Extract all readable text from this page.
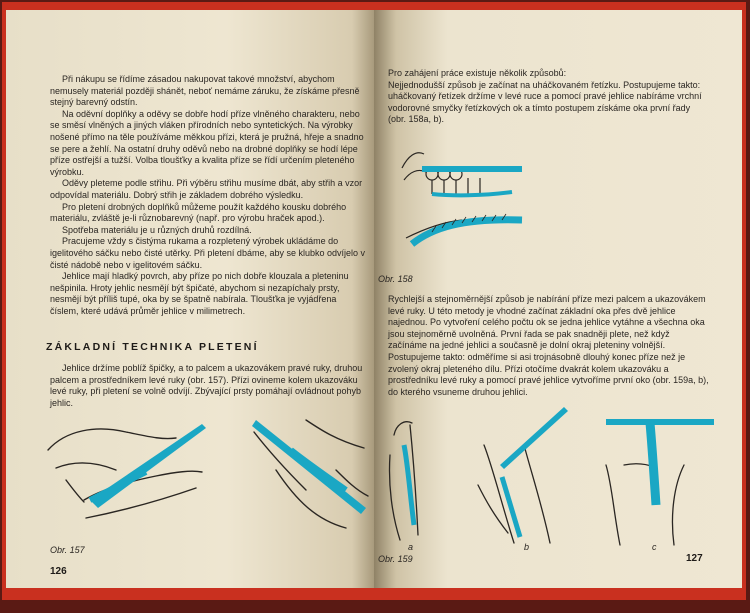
Při nákupu se řídíme zásadou nakupovat takové množství, abychom nemusely materiál později shánět, neboť nemáme záruku, že získáme přesně stejný barevný odstín.

Na oděvní doplňky a oděvy se dobře hodí příze vlněného charakteru, nebo se směsí vlněných a jiných vláken přírodních nebo syntetických. Na výrobky nošené přímo na těle používáme měkkou přízi, která je pružná, hřeje a snadno se pere a žehlí. Na ostatní druhy oděvů nebo na drobné doplňky se hodí lépe příze ostřejší a tužší. Volba tloušťky a kvalita příze se řídí určením pleteného výrobku.

Oděvy pleteme podle střihu. Při výběru střihu musíme dbát, aby střih a vzor odpovídal materiálu. Dobrý střih je základem dobrého výsledku.

Pro pletení drobných doplňků můžeme použít každého kousku dobrého materiálu, zvláště je-li různobarevný (např. pro výrobu hraček apod.).

Spotřeba materiálu je u různých druhů rozdílná.

Pracujeme vždy s čistýma rukama a rozpletený výrobek ukládáme do igelitového sáčku nebo čisté utěrky. Při pletení dbáme, aby se klubko odvíjelo v čisté nádobě nebo v igelitovém sáčku.

Jehlice mají hladký povrch, aby příze po nich dobře klouzala a pleteninu nešpinila. Hroty jehlic nesmějí být špičaté, abychom si nezapíchaly prsty, nesmějí být příliš tupé, oka by se špatně nabírala. Tloušťka je vyjádřena číslem, které udává průměr jehlice v milimetrech.

ZÁKLADNÍ TECHNIKA PLETENÍ

Jehlice držíme poblíž špičky, a to palcem a ukazovákem pravé ruky, druhou palcem a prostředníkem levé ruky (obr. 157). Přízi ovineme kolem ukazováku levé ruky, při pletení se volně odvíjí. Zbývající prsty pomáhají ovládnout pohyb jehlic.

Obr. 157
126

Pro zahájení práce existuje několik způsobů:

Nejjednodušší způsob je začínat na uháčkovaném řetízku. Postupujeme takto: uháčkovaný řetízek držíme v levé ruce a pomocí pravé jehlice nabíráme vrchní vodorovné smyčky řetízkových ok a tímto postupem získáme oka první řady (obr. 158a, b).

Obr. 158

Rychlejší a stejnoměrnější způsob je nabírání příze mezi palcem a ukazovákem levé ruky. U této metody je vhodné začínat základní oka přes dvě jehlice najednou. Po vytvoření celého počtu ok se jedna jehlice vytáhne a všechna oka jsou stejnoměrně uvolněná. První řada se pak snadněji plete, než když začínáme na jedné jehlici a současně je dolní okraj pleteniny volnější.

Postupujeme takto: odměříme si asi trojnásobně dlouhý konec příze než je zvolený okraj pleteného dílu. Přízi otočíme dvakrát kolem ukazováku a prostředníku levé ruky a pomocí pravé jehlice vytvoříme první oko (obr. 159a, b), do kterého vsuneme druhou jehlici.

a	b	c
Obr. 159	127
